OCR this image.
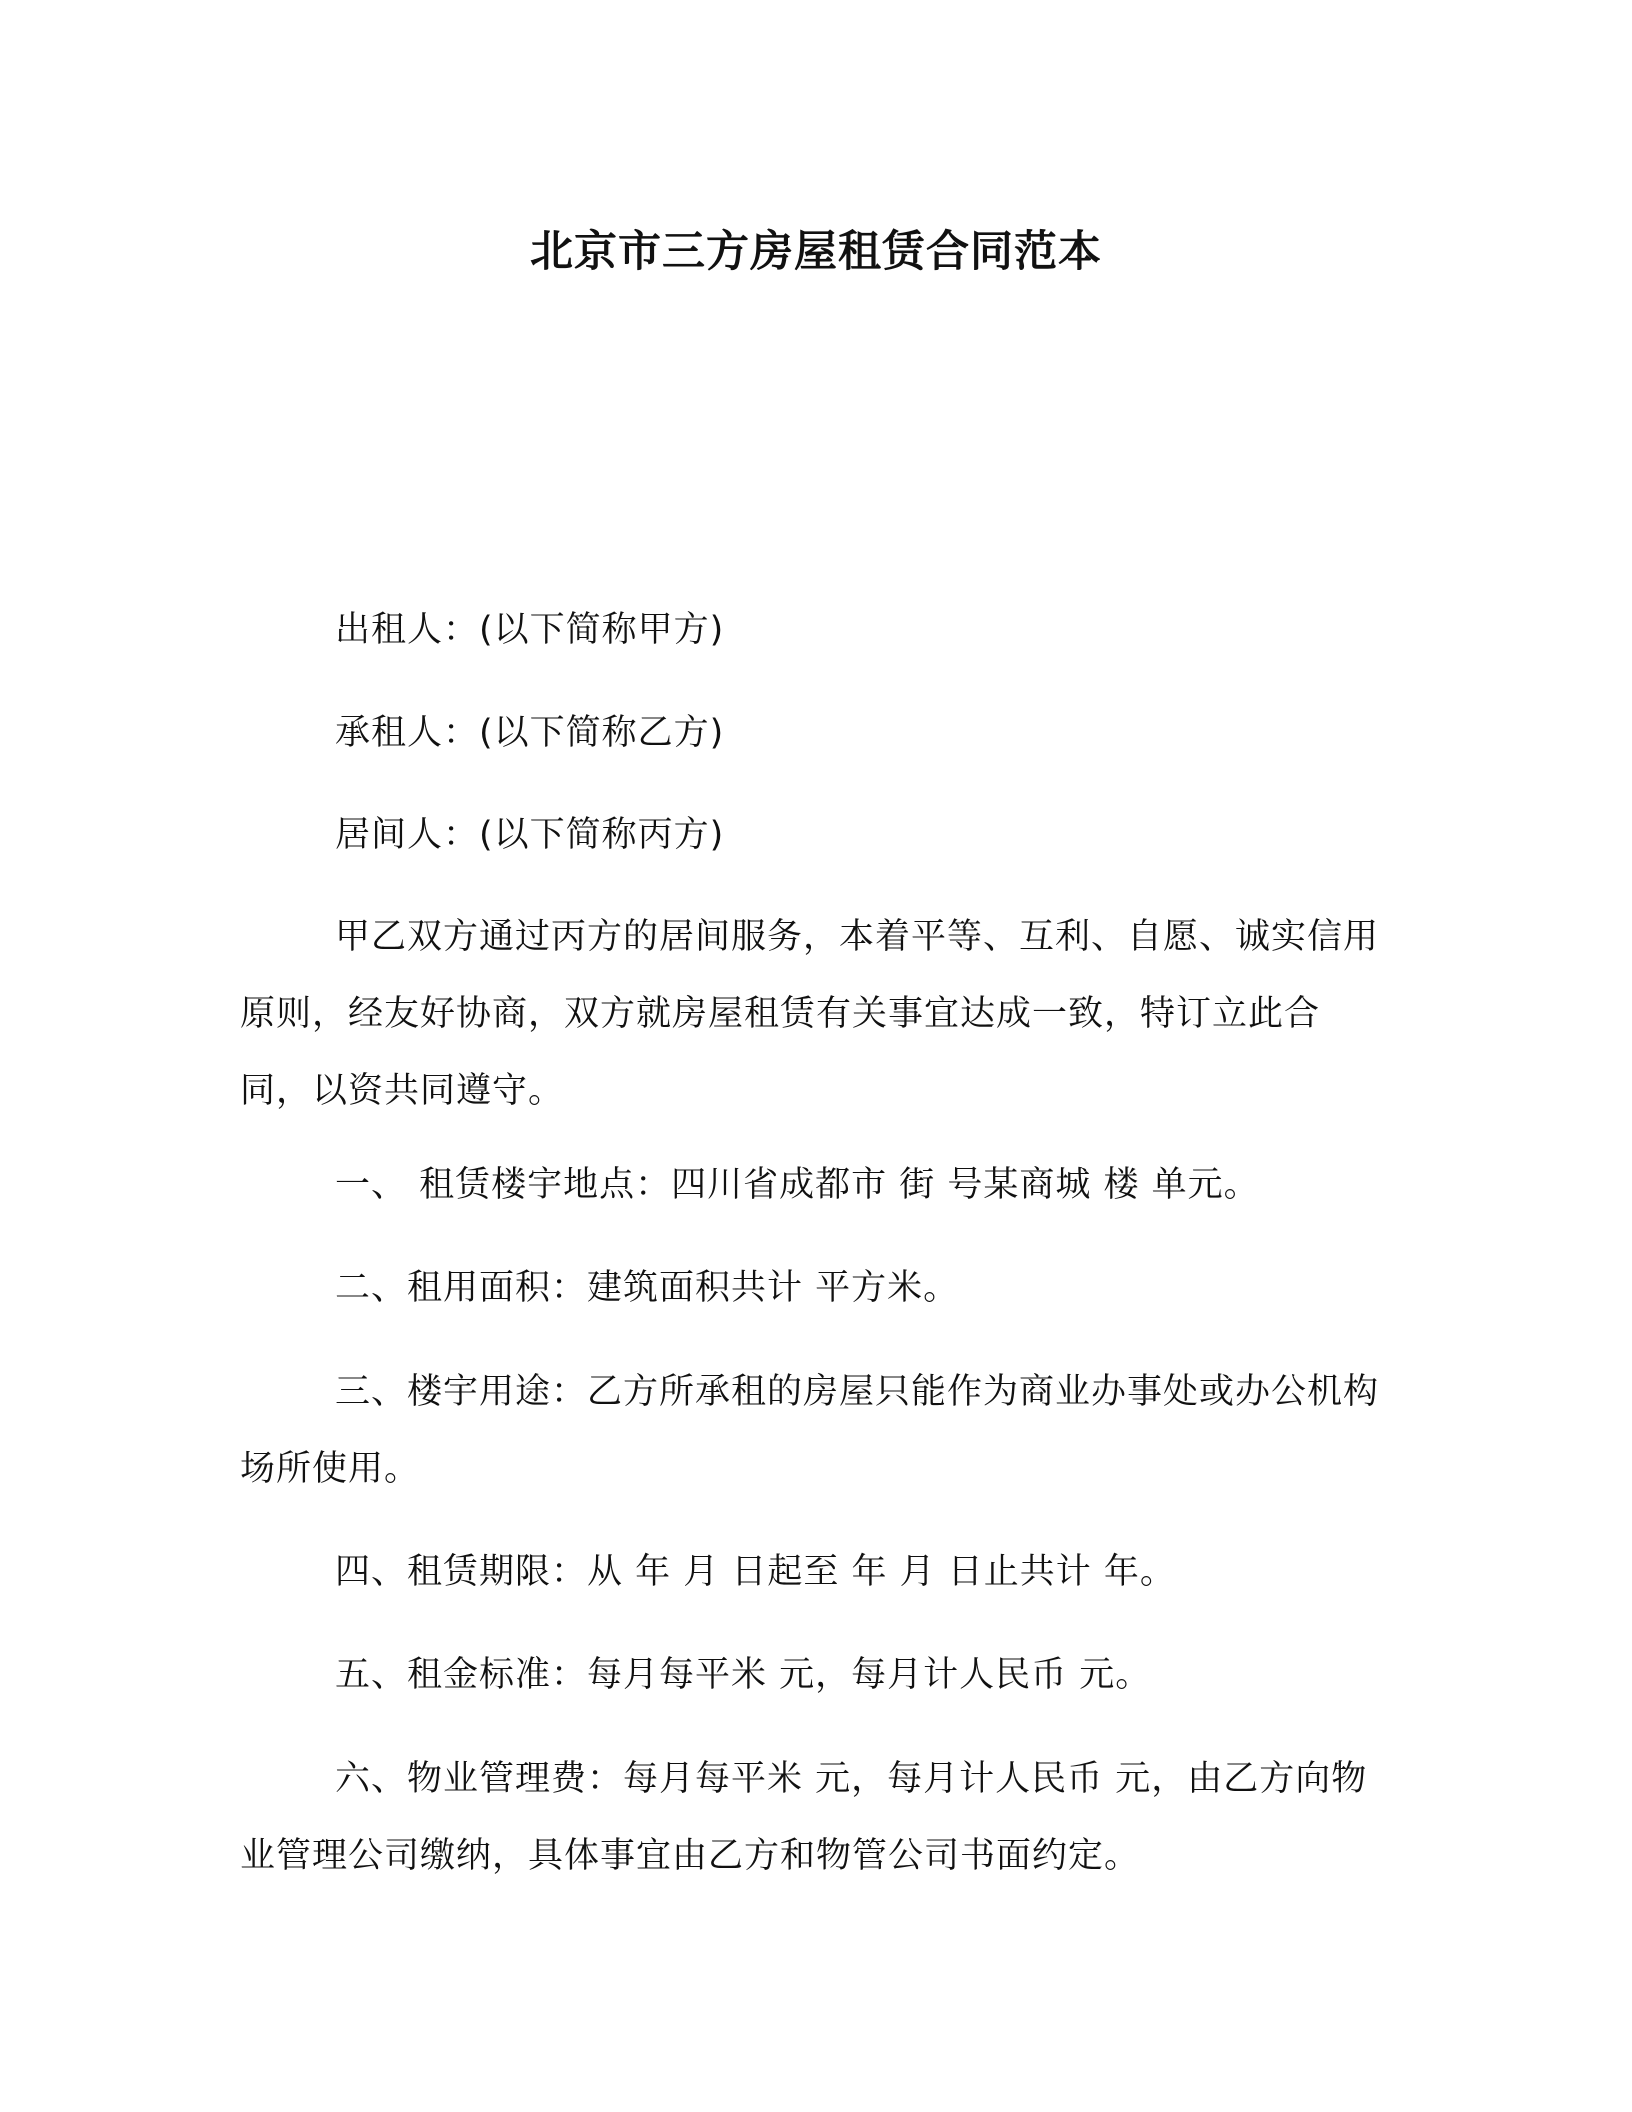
北京市三方房屋租赁合同范本
出租人：(以下简称甲方)
承租人：(以下简称乙方)
居间人：(以下简称丙方)
甲乙双方通过丙方的居间服务，本着平等、互利、自愿、诚实信用原则，经友好协商，双方就房屋租赁有关事宜达成一致，特订立此合同，以资共同遵守。
一、 租赁楼宇地点：四川省成都市 街 号某商城 楼 单元。
二、租用面积：建筑面积共计 平方米。
三、楼宇用途：乙方所承租的房屋只能作为商业办事处或办公机构场所使用。
四、租赁期限：从 年 月 日起至 年 月 日止共计 年。
五、租金标准：每月每平米 元，每月计人民币 元。
六、物业管理费：每月每平米 元，每月计人民币 元，由乙方向物业管理公司缴纳，具体事宜由乙方和物管公司书面约定。
